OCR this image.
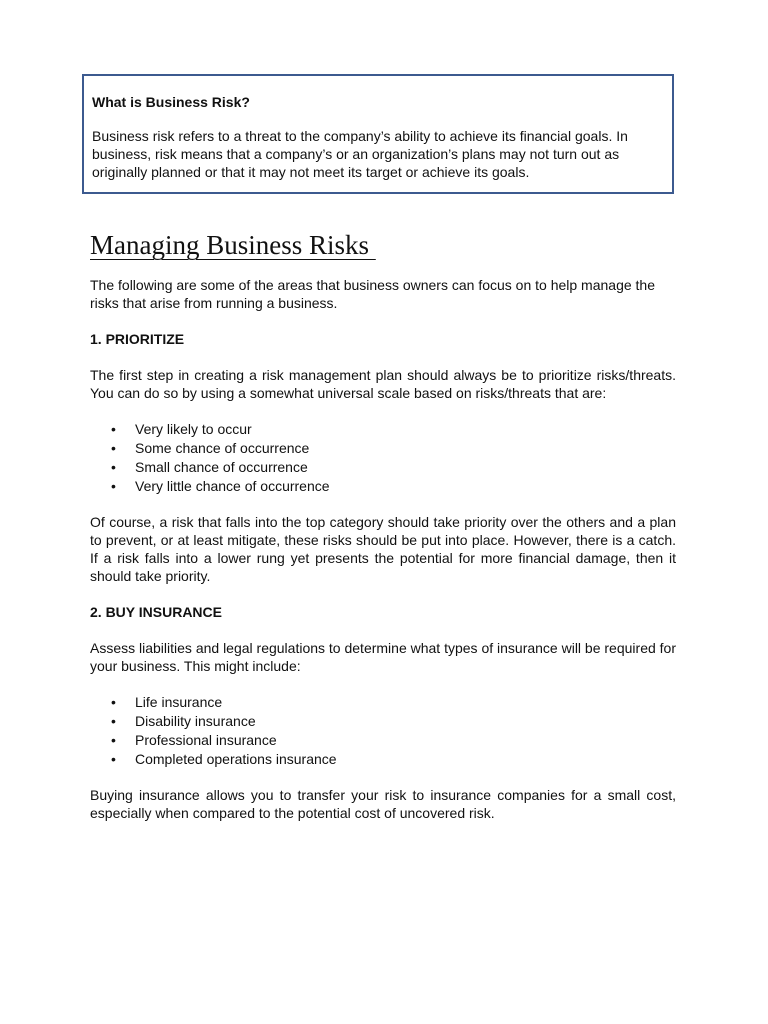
What is Business Risk?

Business risk refers to a threat to the company’s ability to achieve its financial goals. In business, risk means that a company’s or an organization’s plans may not turn out as originally planned or that it may not meet its target or achieve its goals.

Managing Business Risks

The following are some of the areas that business owners can focus on to help manage the risks that arise from running a business.

1. PRIORITIZE

The first step in creating a risk management plan should always be to prioritize risks/threats. You can do so by using a somewhat universal scale based on risks/threats that are:

• Very likely to occur
• Some chance of occurrence
• Small chance of occurrence
• Very little chance of occurrence

Of course, a risk that falls into the top category should take priority over the others and a plan to prevent, or at least mitigate, these risks should be put into place. However, there is a catch. If a risk falls into a lower rung yet presents the potential for more financial damage, then it should take priority.

2. BUY INSURANCE

Assess liabilities and legal regulations to determine what types of insurance will be required for your business. This might include:

• Life insurance
• Disability insurance
• Professional insurance
• Completed operations insurance

Buying insurance allows you to transfer your risk to insurance companies for a small cost, especially when compared to the potential cost of uncovered risk.
